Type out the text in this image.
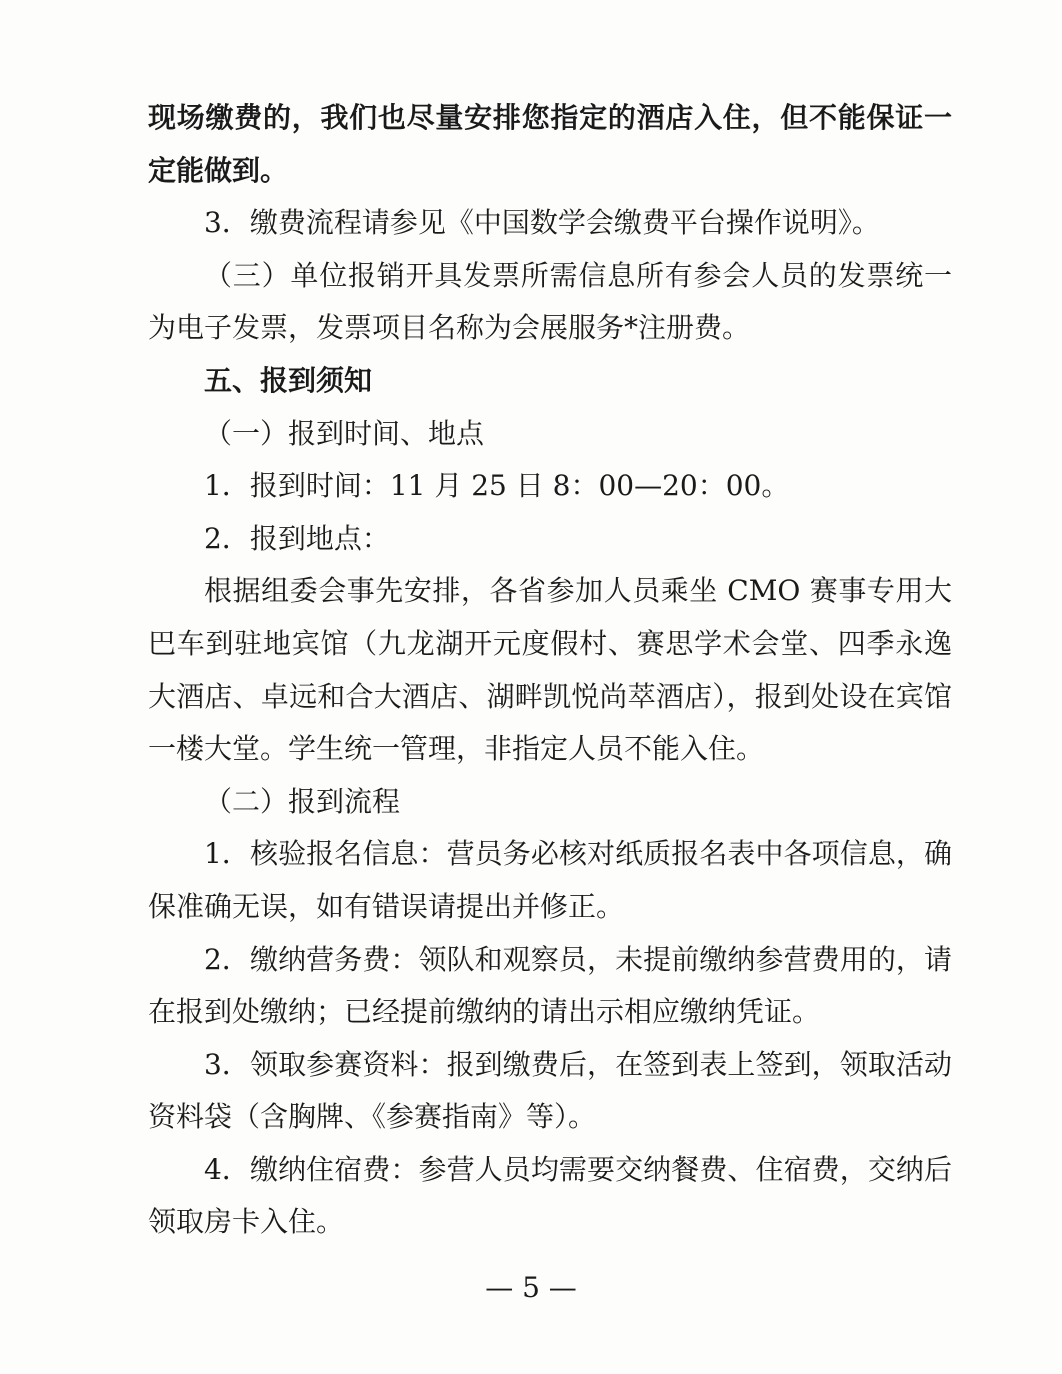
现场缴费的，我们也尽量安排您指定的酒店入住，但不能保证一
定能做到。
3．缴费流程请参见《中国数学会缴费平台操作说明》。
（三）单位报销开具发票所需信息所有参会人员的发票统一
为电子发票，发票项目名称为会展服务*注册费。
五、报到须知
（一）报到时间、地点
1．报到时间：11 月 25 日 8：00—20：00。
2．报到地点：
根据组委会事先安排，各省参加人员乘坐 CMO 赛事专用大
巴车到驻地宾馆（九龙湖开元度假村、赛思学术会堂、四季永逸
大酒店、卓远和合大酒店、湖畔凯悦尚萃酒店），报到处设在宾馆
一楼大堂。学生统一管理，非指定人员不能入住。
（二）报到流程
1．核验报名信息：营员务必核对纸质报名表中各项信息，确
保准确无误，如有错误请提出并修正。
2．缴纳营务费：领队和观察员，未提前缴纳参营费用的，请
在报到处缴纳；已经提前缴纳的请出示相应缴纳凭证。
3．领取参赛资料：报到缴费后，在签到表上签到，领取活动
资料袋（含胸牌、《参赛指南》等）。
4．缴纳住宿费：参营人员均需要交纳餐费、住宿费，交纳后
领取房卡入住。
— 5 —
